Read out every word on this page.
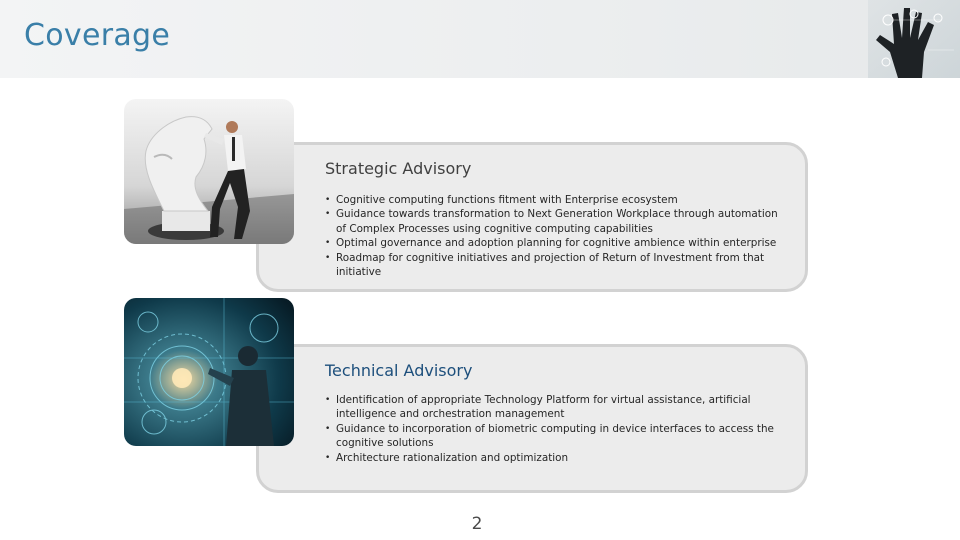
Coverage
Strategic Advisory
• Cognitive computing functions fitment with Enterprise ecosystem
• Guidance towards transformation to Next Generation Workplace through automation of Complex Processes using cognitive computing capabilities
• Optimal governance and adoption planning for cognitive ambience within enterprise
• Roadmap for cognitive initiatives and projection of Return of Investment from that initiative
Technical Advisory
• Identification of appropriate Technology Platform for virtual assistance, artificial intelligence and orchestration management
• Guidance to incorporation of biometric computing in device interfaces to access the cognitive solutions
• Architecture rationalization and optimization
2
